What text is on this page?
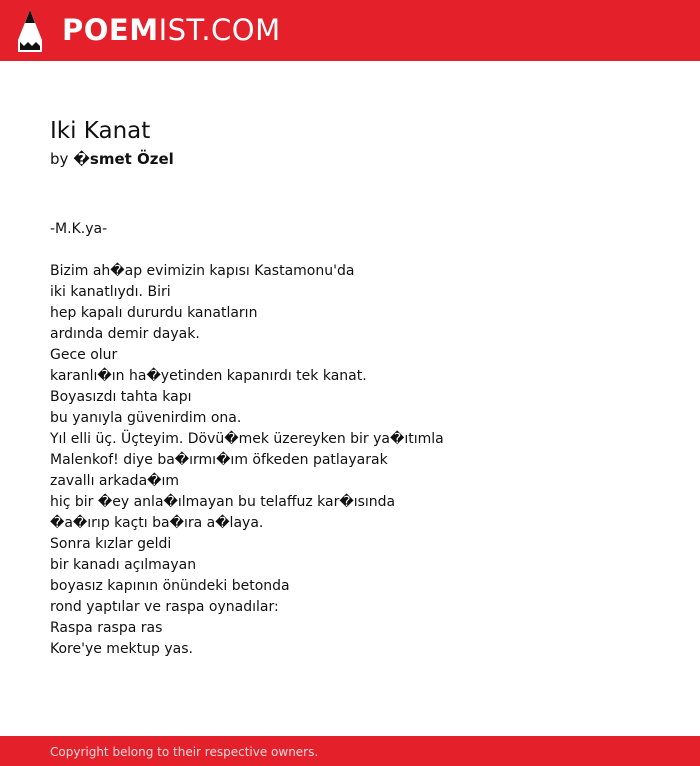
POEMIST.COM
Iki Kanat
by �smet Özel
-M.K.ya-
Bizim ah�ap evimizin kapısı Kastamonu'da
iki kanatlıydı. Biri
hep kapalı dururdu kanatların
ardında demir dayak.
Gece olur
karanlı�ın ha�yetinden kapanırdı tek kanat.
Boyasızdı tahta kapı
bu yanıyla güvenirdim ona.
Yıl elli üç. Üçteyim. Dövü�mek üzereyken bir ya�ıtımla
Malenkof! diye ba�ırmı�ım öfkeden patlayarak
zavallı arkada�ım
hiç bir �ey anla�ılmayan bu telaffuz kar�ısında
�a�ırıp kaçtı ba�ıra a�laya.
Sonra kızlar geldi
bir kanadı açılmayan
boyasız kapının önündeki betonda
rond yaptılar ve raspa oynadılar:
Raspa raspa ras
Kore'ye mektup yas.
Copyright belong to their respective owners.
